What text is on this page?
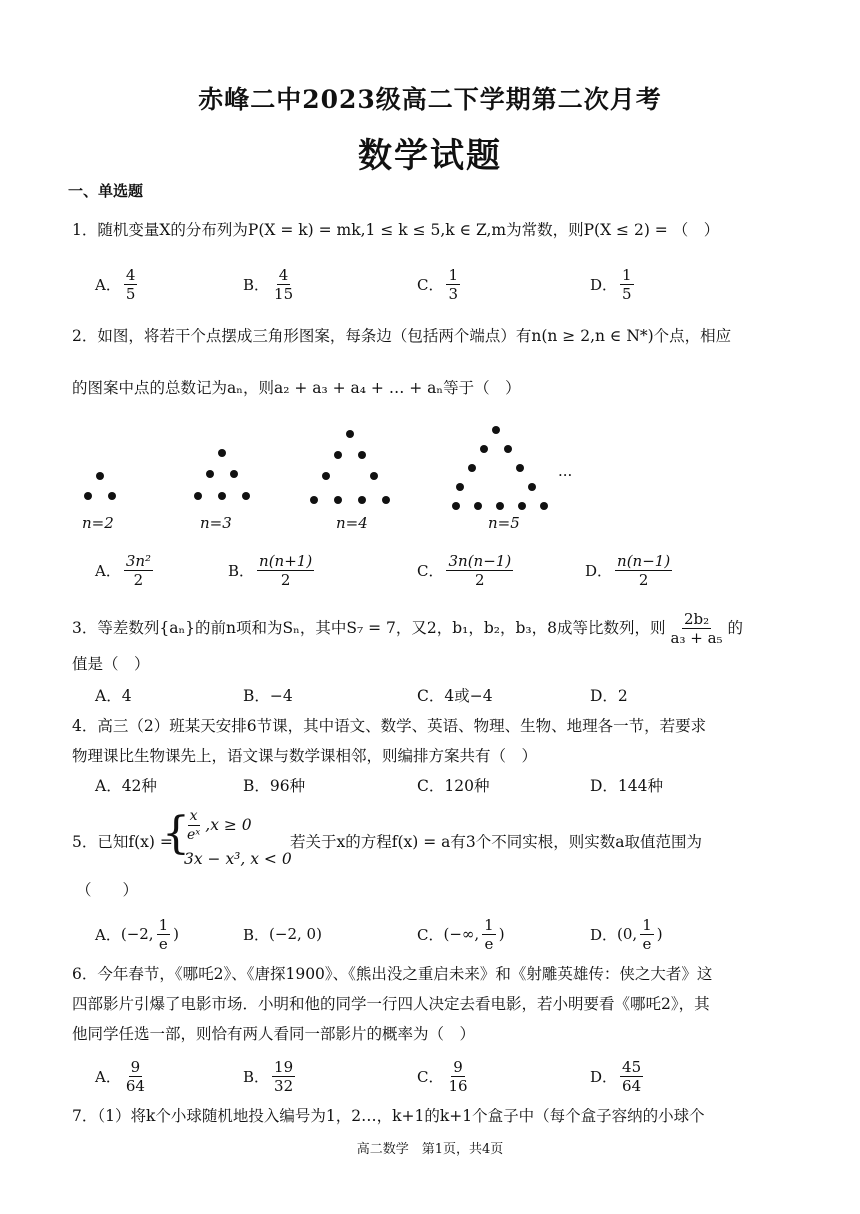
赤峰二中2023级高二下学期第二次月考
数学试题
一、单选题
1．随机变量X的分布列为P(X = k) = mk,1 ≤ k ≤ 5,k ∈ Z,m为常数，则P(X ≤ 2) = （　）
A． $\frac{4}{5}$	B． $\frac{4}{15}$	C． $\frac{1}{3}$	D． $\frac{1}{5}$
2．如图，将若干个点摆成三角形图案，每条边（包括两个端点）有n(n ≥ 2,n ∈ N*)个点，相应
的图案中点的总数记为aₙ，则a₂ + a₃ + a₄ + … + aₙ等于（　）
n=2	n=3	n=4	n=5
···
A． $\frac{\text{3n²}}{2}$	B． $\frac{n(n+1)}{2}$	C． $\frac{3n(n-1)}{2}$	D． $\frac{n(n-1)}{2}$
3．等差数列{aₙ}的前n项和为Sₙ，其中S₇ = 7，又2，b₁，b₂，b₃，8成等比数列，则 $\frac{\text{2b₂}}{\text{a₃ + a₅}}$ 的
值是（　）
A．4	B．−4	C．4或−4	D．2
4．高三（2）班某天安排6节课，其中语文、数学、英语、物理、生物、地理各一节，若要求
物理课比生物课先上，语文课与数学课相邻，则编排方案共有（　）
A．42种	B．96种	C．120种	D．144种
5．已知f(x) =
{
$\frac{x}{\text{eˣ}} ,x \ge 0$
3x − x³, x < 0
若关于x的方程f(x) = a有3个不同实根，则实数a取值范围为
（　　）
A． (−2, $\frac{1}{e}$ )	B． (−2, 0)	C． (−∞, $\frac{1}{e}$ )	D． (0, $\frac{1}{e}$ )
6．今年春节，《哪吒2》、《唐探1900》、《熊出没之重启未来》和《射雕英雄传：侠之大者》这
四部影片引爆了电影市场．小明和他的同学一行四人决定去看电影，若小明要看《哪吒2》，其
他同学任选一部，则恰有两人看同一部影片的概率为（　）
A． $\frac{9}{64}$	B． $\frac{19}{32}$	C． $\frac{9}{16}$	D． $\frac{45}{64}$
7．（1）将k个小球随机地投入编号为1，2…，k+1的k+1个盒子中（每个盒子容纳的小球个
高二数学　第1页，共4页
